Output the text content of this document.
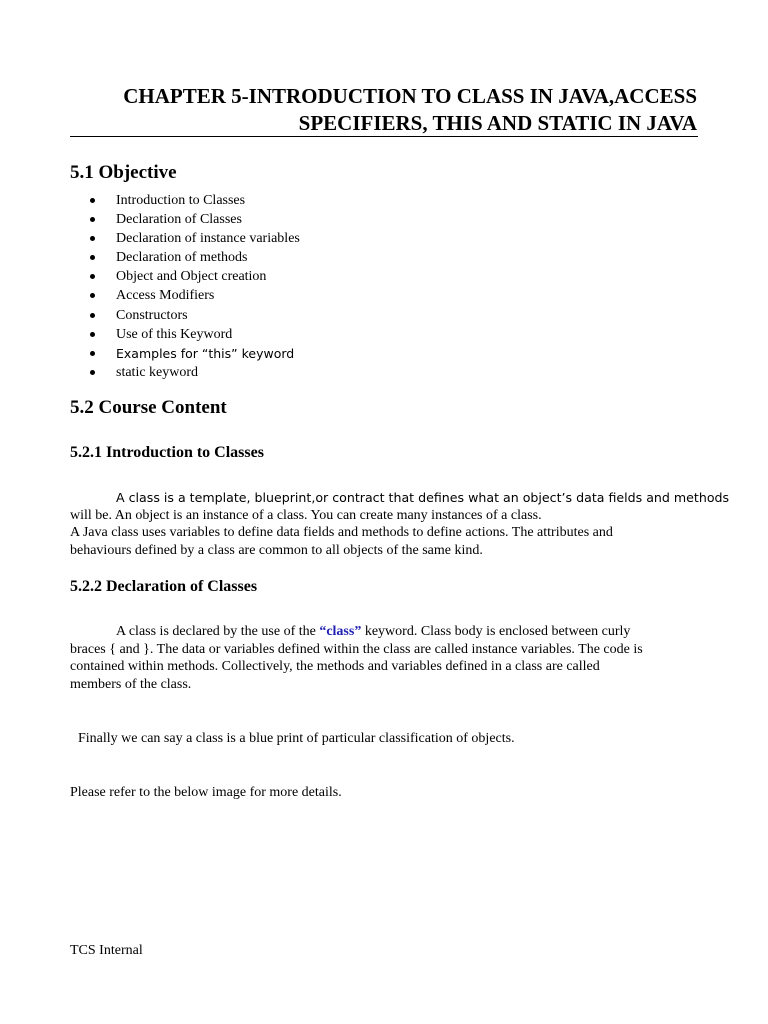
CHAPTER 5-INTRODUCTION TO CLASS IN JAVA,ACCESS
SPECIFIERS, THIS AND STATIC IN JAVA
5.1 Objective
Introduction to Classes
Declaration of Classes
Declaration of instance variables
Declaration of methods
Object and Object creation
Access Modifiers
Constructors
Use of this Keyword
Examples for “this” keyword
static keyword
5.2 Course Content
5.2.1 Introduction to Classes
A class is a template, blueprint,or contract that defines what an object’s data fields and methods
will be. An object is an instance of a class. You can create many instances of a class.
A Java class uses variables to define data fields and methods to define actions. The attributes and
behaviours defined by a class are common to all objects of the same kind.
5.2.2 Declaration of Classes
A class is declared by the use of the “class” keyword. Class body is enclosed between curly
braces { and }. The data or variables defined within the class are called instance variables. The code is
contained within methods. Collectively, the methods and variables defined in a class are called
members of the class.
Finally we can say a class is a blue print of particular classification of objects.
Please refer to the below image for more details.
TCS Internal
